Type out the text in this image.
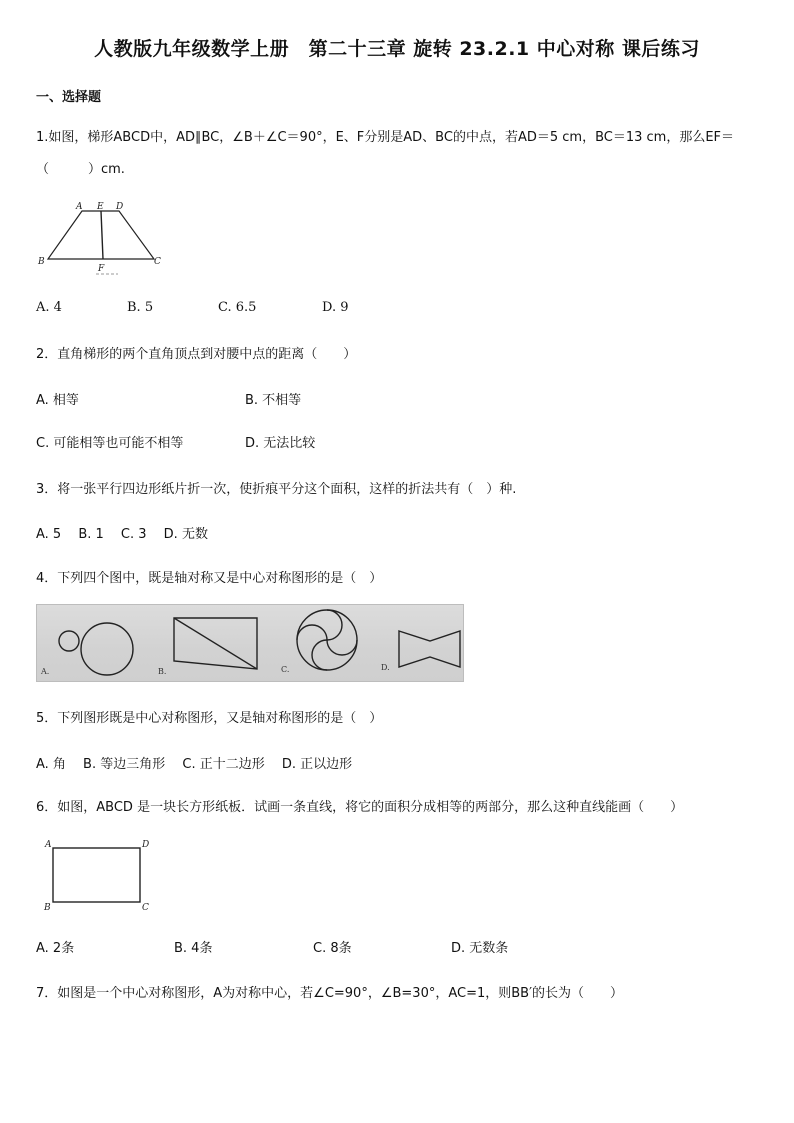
人教版九年级数学上册　第二十三章 旋转 23.2.1 中心对称 课后练习
一、选择题
1.如图，梯形ABCD中，AD∥BC，∠B＋∠C＝90°，E、F分别是AD、BC的中点，若AD＝5 cm，BC＝13 cm，那么EF＝
（　　　）cm.
A E D
B	C
F
A. 4	B. 5	C. 6.5	D. 9
2．直角梯形的两个直角顶点到对腰中点的距离（　　）
A. 相等	B. 不相等
C. 可能相等也可能不相等	D. 无法比较
3．将一张平行四边形纸片折一次，使折痕平分这个面积，这样的折法共有（　）种.
A. 5　 B. 1　 C. 3　 D. 无数
4．下列四个图中，既是轴对称又是中心对称图形的是（　）
A.	B.	C.	D.
5．下列图形既是中心对称图形，又是轴对称图形的是（　）
A. 角　 B. 等边三角形　 C. 正十二边形　 D. 正以边形
6．如图，ABCD 是一块长方形纸板．试画一条直线，将它的面积分成相等的两部分，那么这种直线能画（　　）
A	D
B	C
A. 2条	B. 4条	C. 8条	D. 无数条
7．如图是一个中心对称图形，A为对称中心，若∠C=90°，∠B=30°，AC=1，则BB′的长为（　　）
